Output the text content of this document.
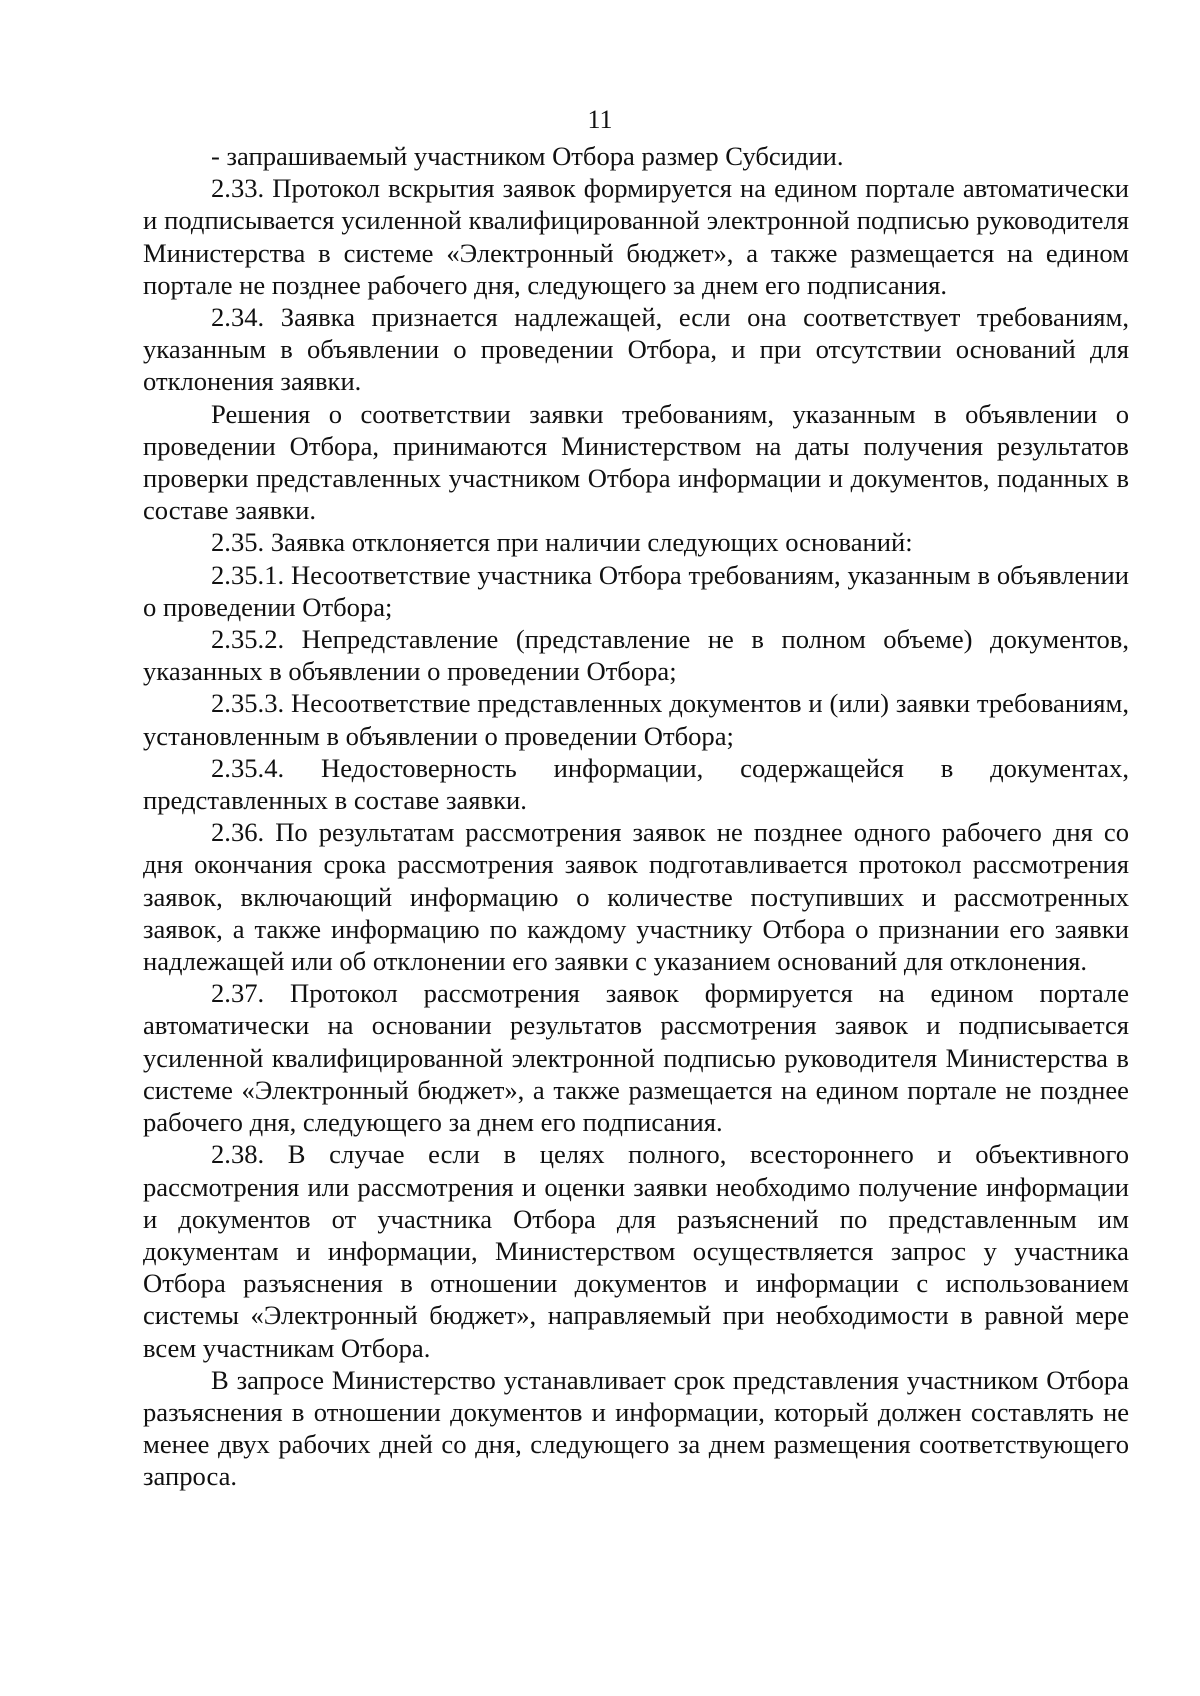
11

- запрашиваемый участником Отбора размер Субсидии.

2.33. Протокол вскрытия заявок формируется на едином портале автоматически и подписывается усиленной квалифицированной электронной подписью руководителя Министерства в системе «Электронный бюджет», а также размещается на едином портале не позднее рабочего дня, следующего за днем его подписания.

2.34. Заявка признается надлежащей, если она соответствует требованиям, указанным в объявлении о проведении Отбора, и при отсутствии оснований для отклонения заявки.

Решения о соответствии заявки требованиям, указанным в объявлении о проведении Отбора, принимаются Министерством на даты получения результатов проверки представленных участником Отбора информации и документов, поданных в составе заявки.

2.35. Заявка отклоняется при наличии следующих оснований:

2.35.1. Несоответствие участника Отбора требованиям, указанным в объявлении о проведении Отбора;

2.35.2. Непредставление (представление не в полном объеме) документов, указанных в объявлении о проведении Отбора;

2.35.3. Несоответствие представленных документов и (или) заявки требованиям, установленным в объявлении о проведении Отбора;

2.35.4. Недостоверность информации, содержащейся в документах, представленных в составе заявки.

2.36. По результатам рассмотрения заявок не позднее одного рабочего дня со дня окончания срока рассмотрения заявок подготавливается протокол рассмотрения заявок, включающий информацию о количестве поступивших и рассмотренных заявок, а также информацию по каждому участнику Отбора о признании его заявки надлежащей или об отклонении его заявки с указанием оснований для отклонения.

2.37. Протокол рассмотрения заявок формируется на едином портале автоматически на основании результатов рассмотрения заявок и подписывается усиленной квалифицированной электронной подписью руководителя Министерства в системе «Электронный бюджет», а также размещается на едином портале не позднее рабочего дня, следующего за днем его подписания.

2.38. В случае если в целях полного, всестороннего и объективного рассмотрения или рассмотрения и оценки заявки необходимо получение информации и документов от участника Отбора для разъяснений по представленным им документам и информации, Министерством осуществляется запрос у участника Отбора разъяснения в отношении документов и информации с использованием системы «Электронный бюджет», направляемый при необходимости в равной мере всем участникам Отбора.

В запросе Министерство устанавливает срок представления участником Отбора разъяснения в отношении документов и информации, который должен составлять не менее двух рабочих дней со дня, следующего за днем размещения соответствующего запроса.
